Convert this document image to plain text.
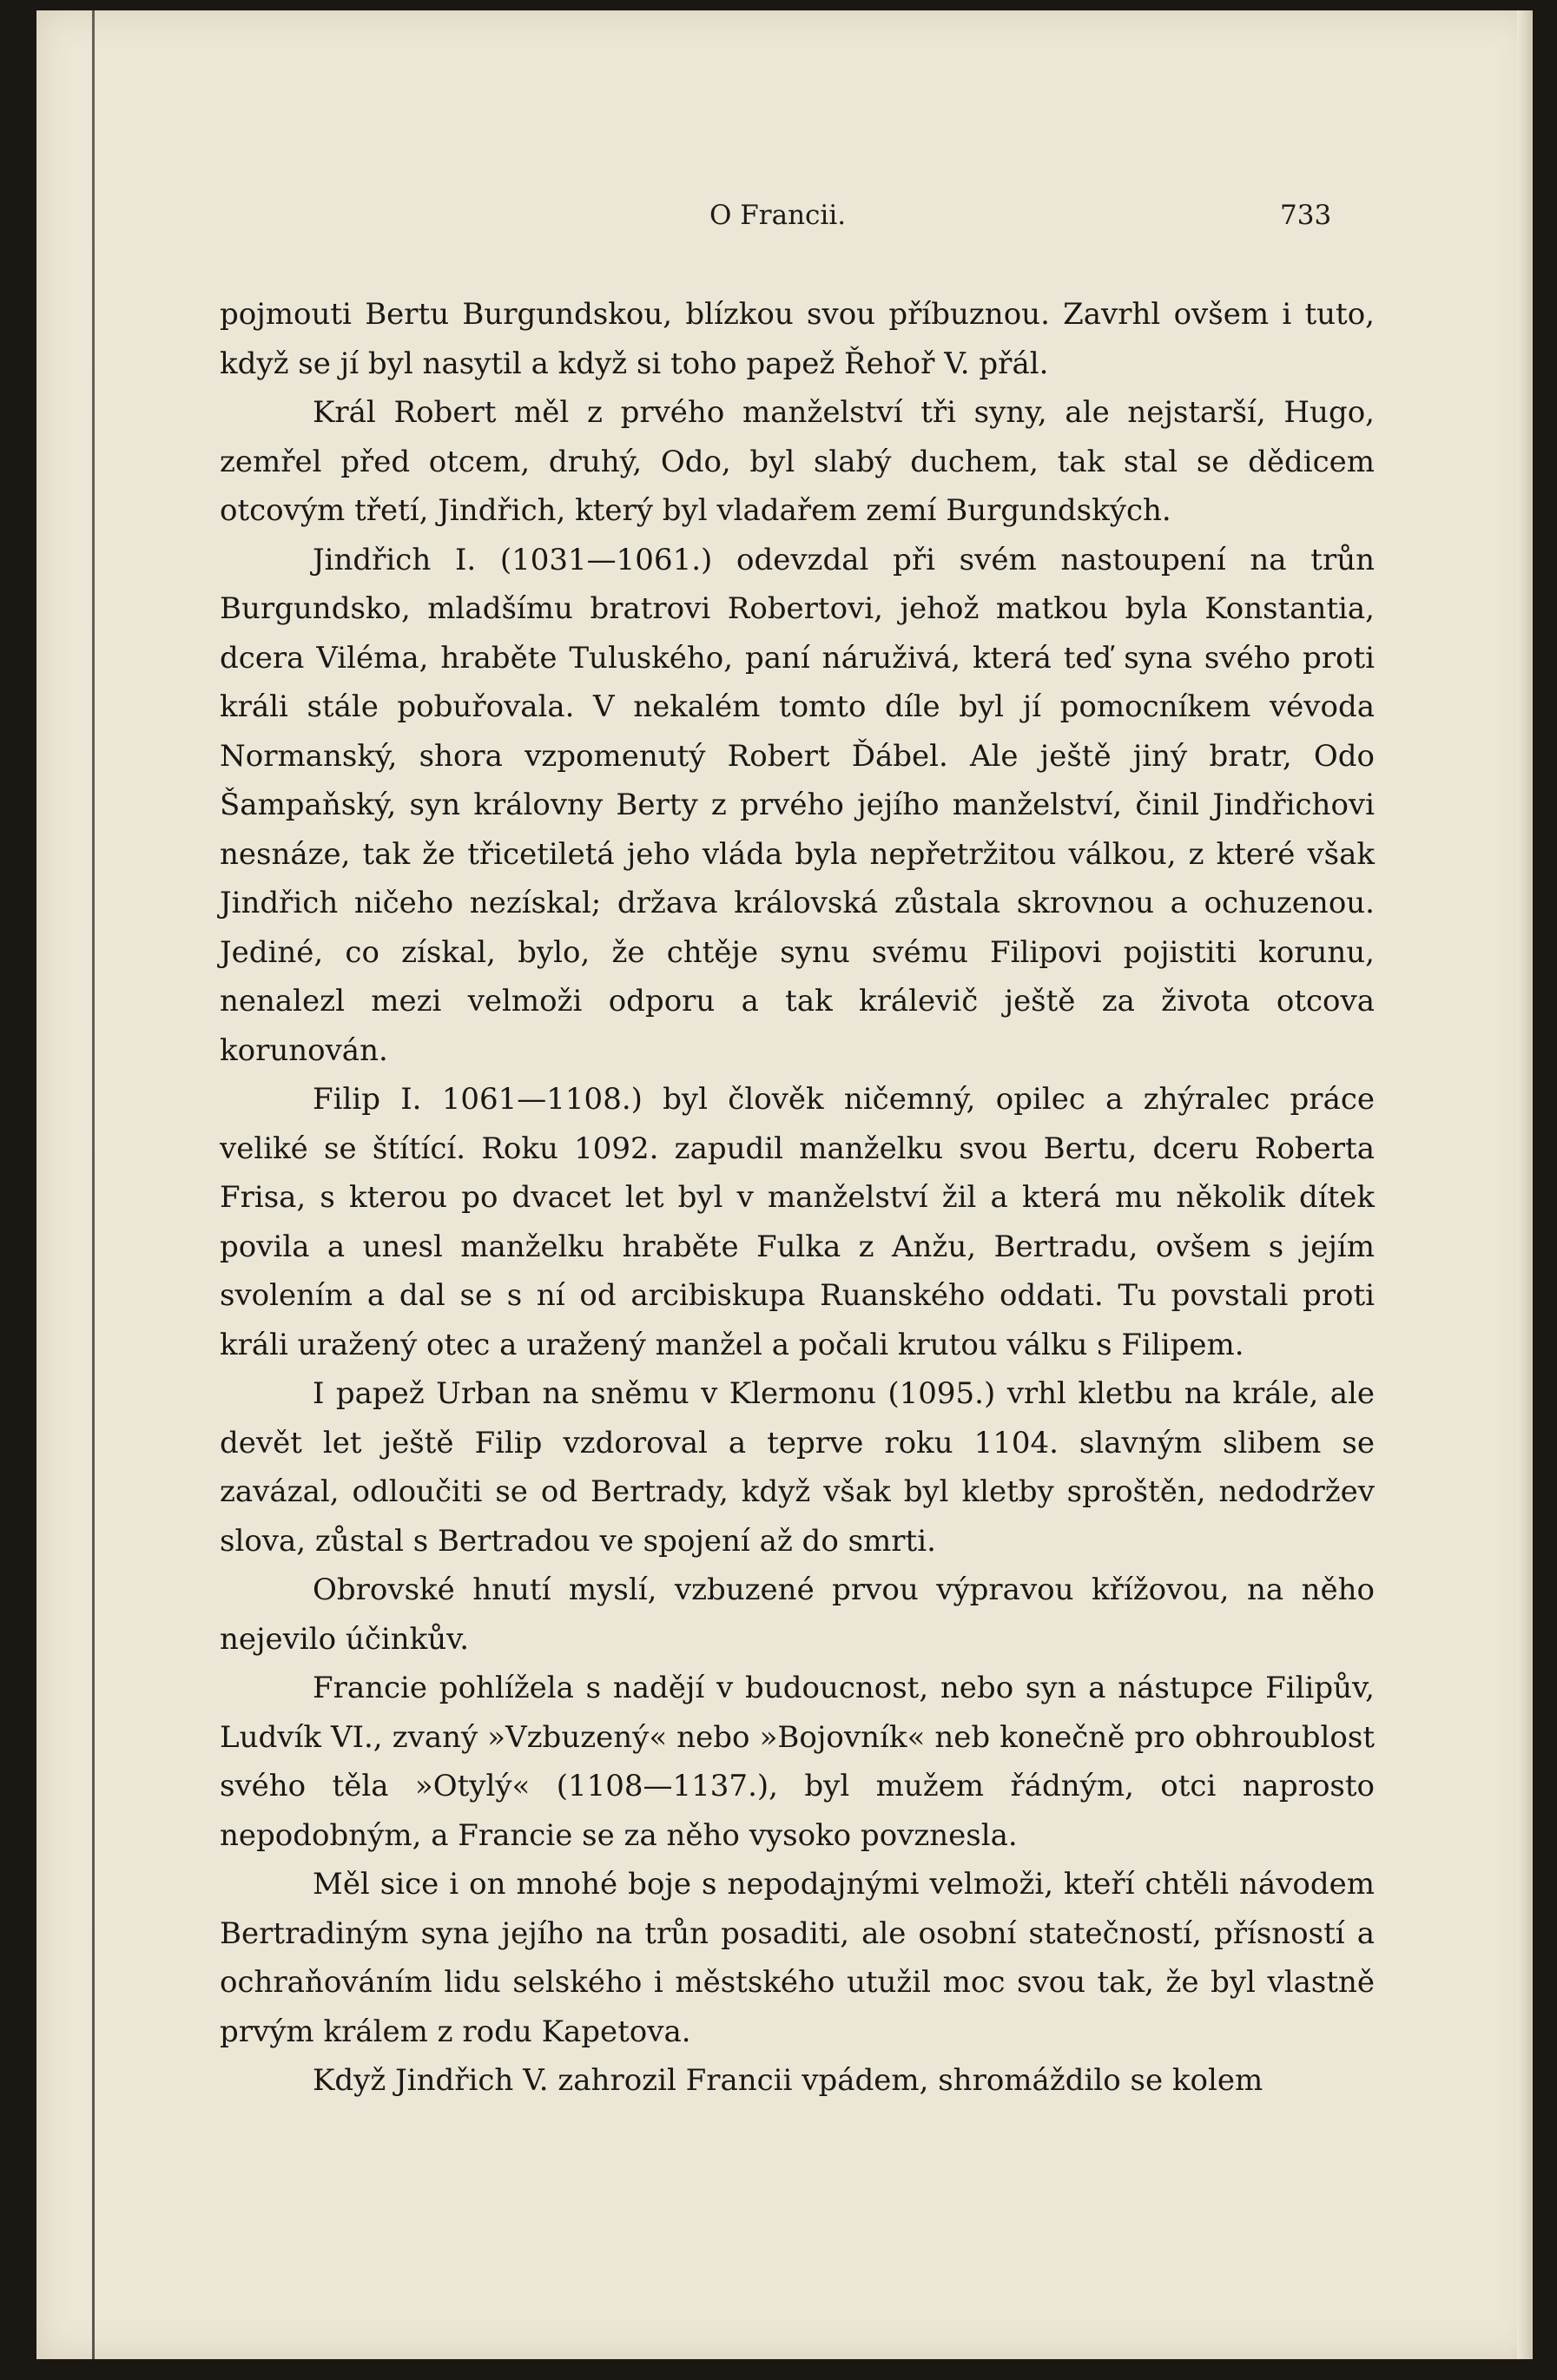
O Francii.	733

pojmouti Bertu Burgundskou, blízkou svou příbuznou. Zavrhl ovšem i tuto, když se jí byl nasytil a když si toho papež Řehoř V. přál.

Král Robert měl z prvého manželství tři syny, ale nejstarší, Hugo, zemřel před otcem, druhý, Odo, byl slabý duchem, tak stal se dědicem otcovým třetí, Jindřich, který byl vladařem zemí Burgundských.

Jindřich I. (1031—1061.) odevzdal při svém nastoupení na trůn Burgundsko, mladšímu bratrovi Robertovi, jehož matkou byla Konstantia, dcera Viléma, hraběte Tuluského, paní náruživá, která teď syna svého proti králi stále pobuřovala. V nekalém tomto díle byl jí pomocníkem vévoda Normanský, shora vzpomenutý Robert Ďábel. Ale ještě jiný bratr, Odo Šampaňský, syn královny Berty z prvého jejího manželství, činil Jindřichovi nesnáze, tak že třicetiletá jeho vláda byla nepřetržitou válkou, z které však Jindřich ničeho nezískal; država královská zůstala skrovnou a ochuzenou. Jediné, co získal, bylo, že chtěje synu svému Filipovi pojistiti korunu, nenalezl mezi velmoži odporu a tak králevič ještě za života otcova korunován.

Filip I. 1061—1108.) byl člověk ničemný, opilec a zhýralec práce veliké se štítící. Roku 1092. zapudil manželku svou Bertu, dceru Roberta Frisa, s kterou po dvacet let byl v manželství žil a která mu několik dítek povila a unesl manželku hraběte Fulka z Anžu, Bertradu, ovšem s jejím svolením a dal se s ní od arcibiskupa Ruanského oddati. Tu povstali proti králi uražený otec a uražený manžel a počali krutou válku s Filipem.

I papež Urban na sněmu v Klermonu (1095.) vrhl kletbu na krále, ale devět let ještě Filip vzdoroval a teprve roku 1104. slavným slibem se zavázal, odloučiti se od Bertrady, když však byl kletby sproštěn, nedodržev slova, zůstal s Bertradou ve spojení až do smrti.

Obrovské hnutí myslí, vzbuzené prvou výpravou křížovou, na něho nejevilo účinkův.

Francie pohlížela s nadějí v budoucnost, nebo syn a nástupce Filipův, Ludvík VI., zvaný »Vzbuzený« nebo »Bojovník« neb konečně pro obhroublost svého těla »Otylý« (1108—1137.), byl mužem řádným, otci naprosto nepodobným, a Francie se za něho vysoko povznesla.

Měl sice i on mnohé boje s nepodajnými velmoži, kteří chtěli návodem Bertradiným syna jejího na trůn posaditi, ale osobní statečností, přísností a ochraňováním lidu selského i městského utužil moc svou tak, že byl vlastně prvým králem z rodu Kapetova.

Když Jindřich V. zahrozil Francii vpádem, shromáždilo se kolem
